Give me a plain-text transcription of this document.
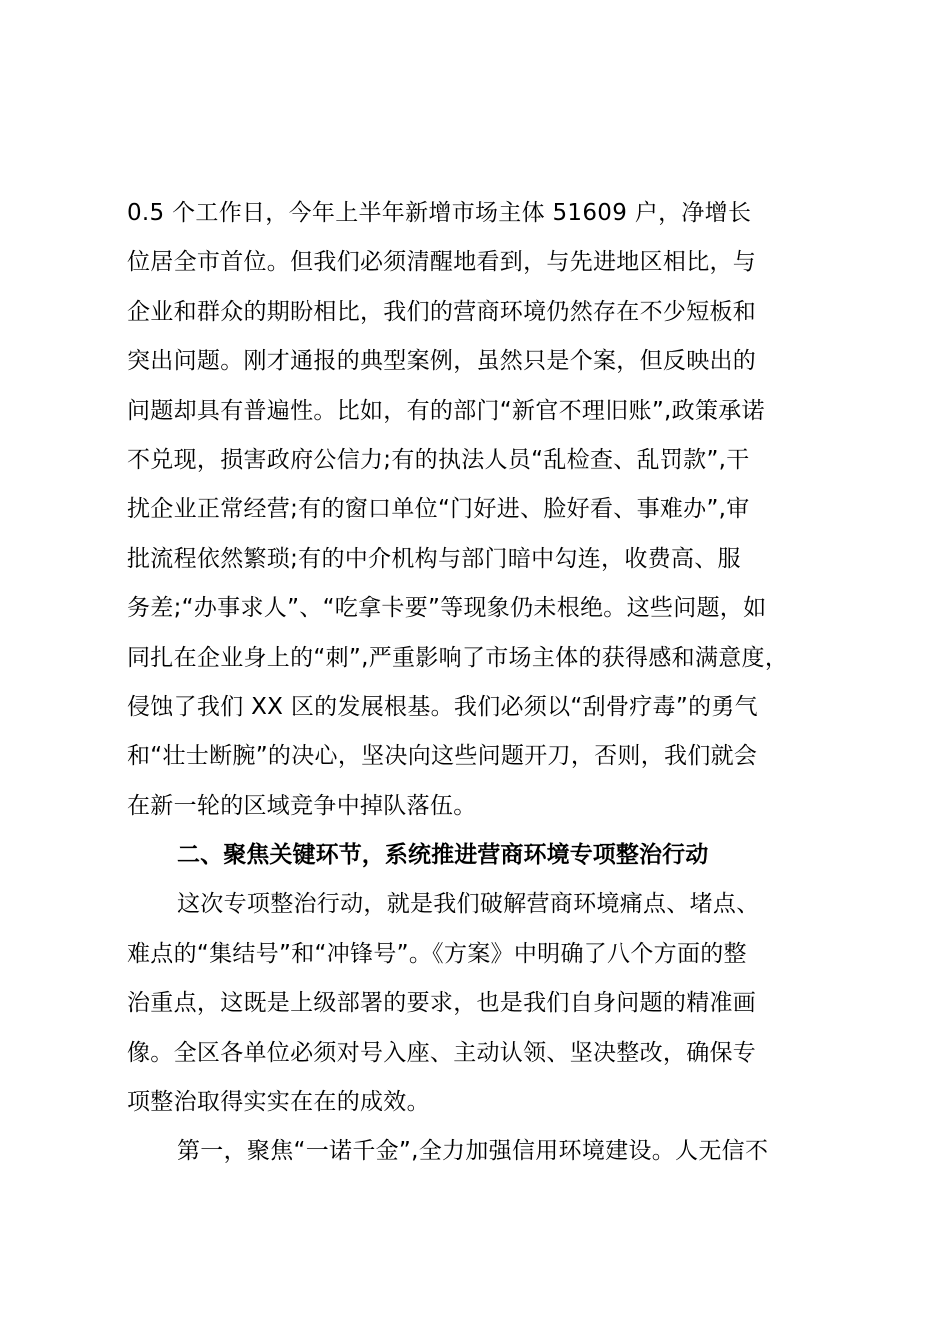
0.5 个工作日，今年上半年新增市场主体 51609 户，净增长
位居全市首位。但我们必须清醒地看到，与先进地区相比，与
企业和群众的期盼相比，我们的营商环境仍然存在不少短板和
突出问题。刚才通报的典型案例，虽然只是个案，但反映出的
问题却具有普遍性。比如，有的部门“新官不理旧账”,政策承诺
不兑现，损害政府公信力;有的执法人员“乱检查、乱罚款”,干
扰企业正常经营;有的窗口单位“门好进、脸好看、事难办”,审
批流程依然繁琐;有的中介机构与部门暗中勾连，收费高、服
务差;“办事求人”、“吃拿卡要”等现象仍未根绝。这些问题，如
同扎在企业身上的“刺”,严重影响了市场主体的获得感和满意度，
侵蚀了我们 XX 区的发展根基。我们必须以“刮骨疗毒”的勇气
和“壮士断腕”的决心，坚决向这些问题开刀，否则，我们就会
在新一轮的区域竞争中掉队落伍。
二、聚焦关键环节，系统推进营商环境专项整治行动
这次专项整治行动，就是我们破解营商环境痛点、堵点、
难点的“集结号”和“冲锋号”。《方案》中明确了八个方面的整
治重点，这既是上级部署的要求，也是我们自身问题的精准画
像。全区各单位必须对号入座、主动认领、坚决整改，确保专
项整治取得实实在在的成效。
第一，聚焦“一诺千金”,全力加强信用环境建设。人无信不
